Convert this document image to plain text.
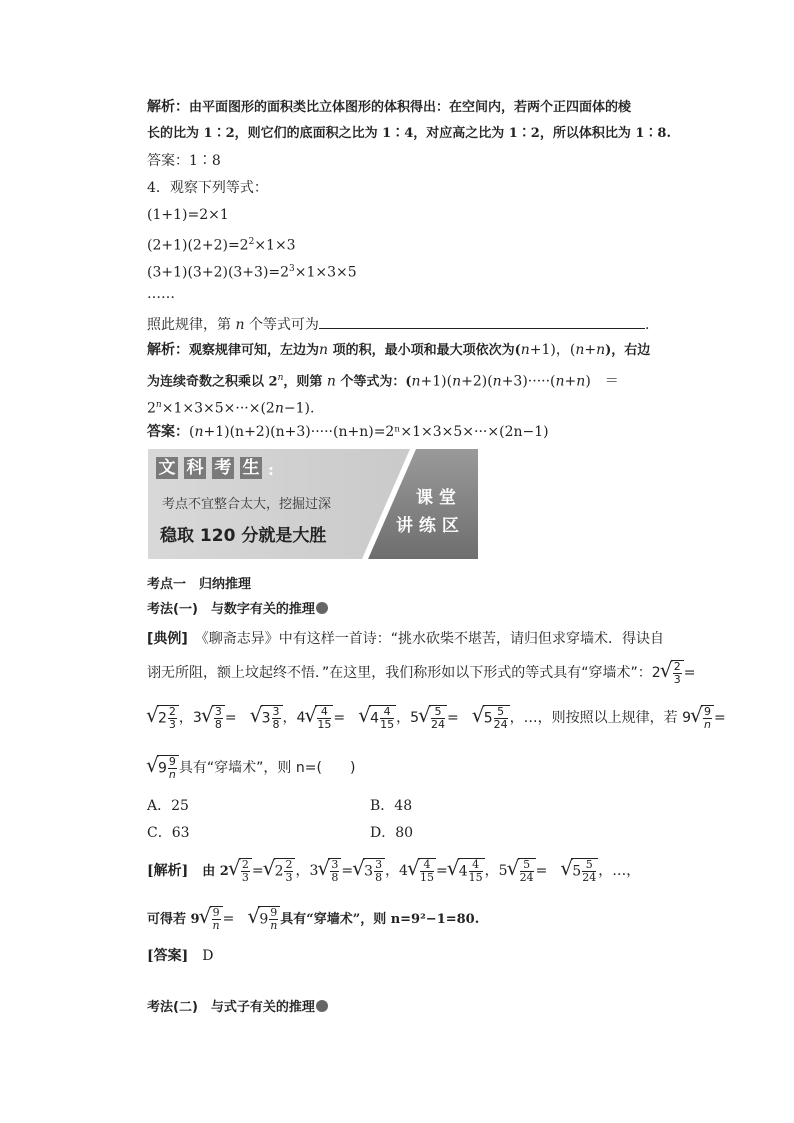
解析：由平面图形的面积类比立体图形的体积得出：在空间内，若两个正四面体的棱
长的比为 1∶2，则它们的底面积之比为 1∶4，对应高之比为 1∶2，所以体积比为 1∶8.
答案：1∶8
4．观察下列等式：
(1+1)=2×1
$(2+1)(2+2)=2^2\times 1\times 3$
$(3+1)(3+2)(3+3)=2^3\times 1\times 3\times 5$
……
照此规律，第 n 个等式可为	.
解析：观察规律可知，左边为n 项的积，最小项和最大项依次为(n+1)，(n+n)，右边
为连续奇数之积乘以 2$^n$，则第 n 个等式为：(n+1)(n+2)(n+3)·····(n+n)　＝
$2^n\times 1\times 3\times 5\times\cdot\cdot\cdot\times(2n-1)$.
答案：(n+1)(n+2)(n+3)·····(n+n)=2ⁿ×1×3×5×···×(2n−1)
文 科 考 生 :
考点不宜整合太大，挖掘过深
稳取 120 分就是大胜
课 堂
讲 练 区
考点一　归纳推理
考法(一)　与数字有关的推理
[典例]　 《聊斋志异》中有这样一首诗：“挑水砍柴不堪苦，请归但求穿墙术．得诀自
诩无所阻，额上坟起终不悟．”在这里，我们称形如以下形式的等式具有“穿墙术”：2 √ $\frac{2}{3}$ =
√ $2 \frac{2}{3}$ ，3 √ $\frac{3}{8}$ =　√ $3 \frac{3}{8}$ ，4 √ $\frac{4}{15}$ =　√ $4 \frac{4}{15}$ ，5 √ $\frac{5}{24}$ =　√ $5 \frac{5}{24}$ ，…，则按照以上规律，若 9 √ $\frac{9}{n}$ =
√ $9 \frac{9}{n}$ 具有“穿墙术”，则 n=(　　)
A．25	B．48
C．63	D．80
[解析]　 由 2 √ $\frac{2}{3}$ = √ $2 \frac{2}{3}$ ，3 √ $\frac{3}{8}$ = √ $3 \frac{3}{8}$ ，4 √ $\frac{4}{15}$ = √ $4 \frac{4}{15}$ ，5 √ $\frac{5}{24}$ =　√ $5 \frac{5}{24}$ ，…，
可得若 9 √ $\frac{9}{n}$ =　√ $9 \frac{9}{n}$ 具有“穿墙术”，则 n=9²−1=80.
[答案]　 D
考法(二)　与式子有关的推理
